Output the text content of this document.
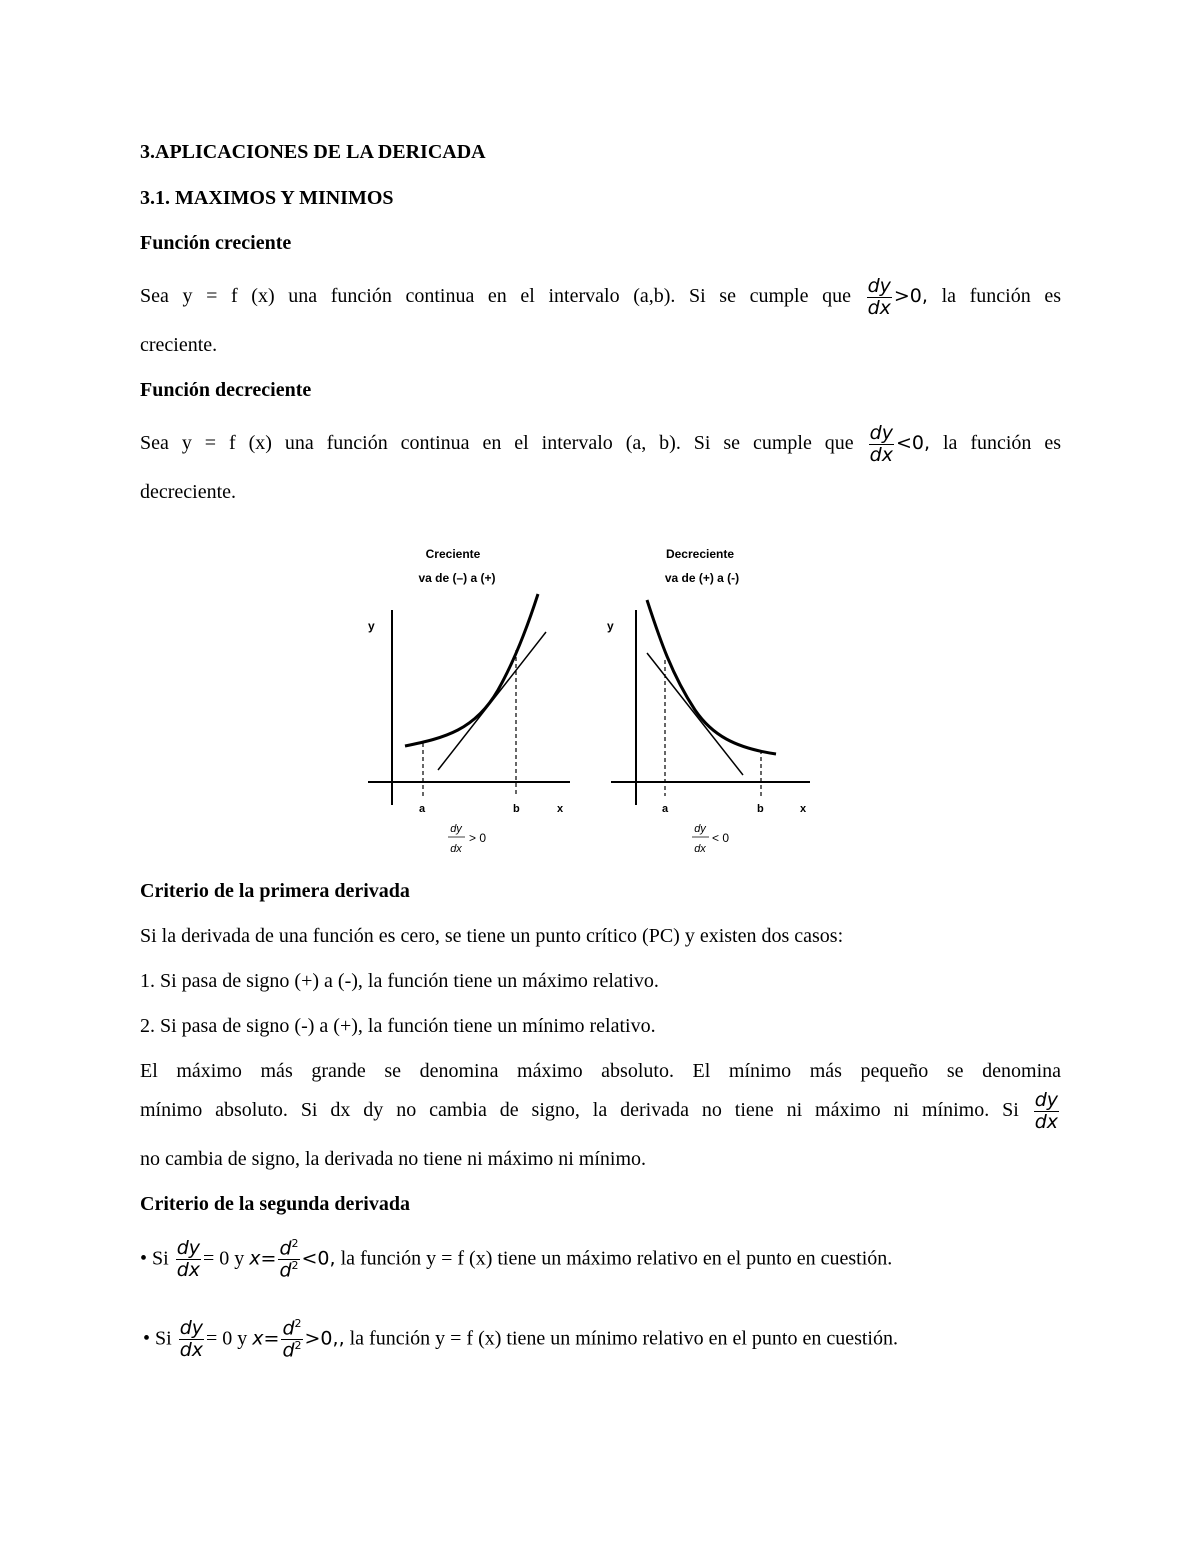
3.APLICACIONES DE LA DERICADA
3.1. MAXIMOS Y MINIMOS
Función creciente
Sea y = f (x) una función continua en el intervalo (a,b). Si se cumple que $\frac{dy}{dx} >0$, la función es
creciente.
Función decreciente
Sea y = f (x) una función continua en el intervalo (a, b). Si se cumple que $\frac{dy}{dx} <0$, la función es
decreciente.
Criterio de la primera derivada
Si la derivada de una función es cero, se tiene un punto crítico (PC) y existen dos casos:
1. Si pasa de signo (+) a (-), la función tiene un máximo relativo.
2. Si pasa de signo (-) a (+), la función tiene un mínimo relativo.
El máximo más grande se denomina máximo absoluto. El mínimo más pequeño se denomina
mínimo absoluto. Si dx dy no cambia de signo, la derivada no tiene ni máximo ni mínimo. Si $\frac{dy}{dx}$
no cambia de signo, la derivada no tiene ni máximo ni mínimo.
Criterio de la segunda derivada
• Si $\frac{dy}{dx} = 0$ y $x= \frac{d^2}{d^2} <0$, la función y = f (x) tiene un máximo relativo en el punto en cuestión.
• Si $\frac{dy}{dx} = 0$ y $x= \frac{d^2}{d^2} >0$,, la función y = f (x) tiene un mínimo relativo en el punto en cuestión.
Creciente
va de (–) a (+)
y
a	b	x
dy
dx
> 0
Decreciente
va de (+) a (-)
y
a	b	x
dy
dx
< 0
